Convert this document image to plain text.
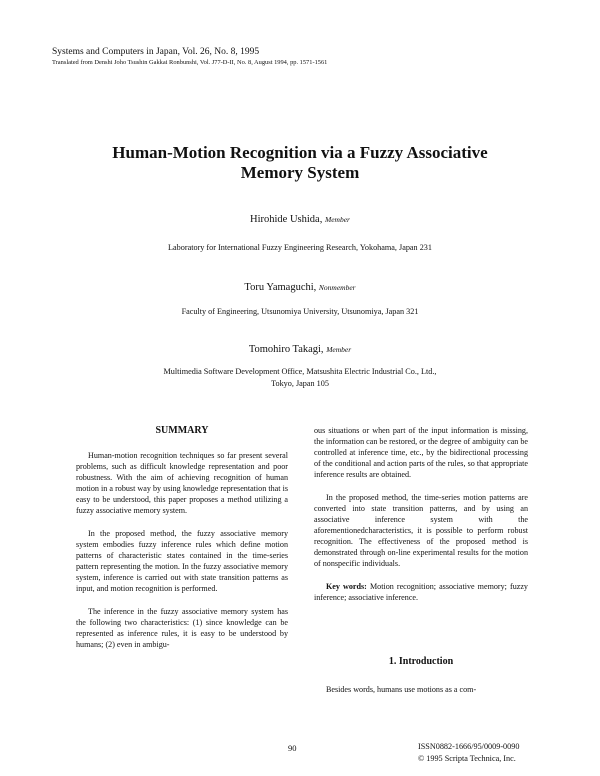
Systems and Computers in Japan, Vol. 26, No. 8, 1995
Translated from Denshi Joho Tsushin Gakkai Ronbunshi, Vol. J77-D-II, No. 8, August 1994, pp. 1571-1561
Human-Motion Recognition via a Fuzzy Associative
Memory System
Hirohide Ushida, Member
Laboratory for International Fuzzy Engineering Research, Yokohama, Japan 231
Toru Yamaguchi, Nonmember
Faculty of Engineering, Utsunomiya University, Utsunomiya, Japan 321
Tomohiro Takagi, Member
Multimedia Software Development Office, Matsushita Electric Industrial Co., Ltd.,
Tokyo, Japan 105
SUMMARY

Human-motion recognition techniques so far present several problems, such as difficult knowledge representation and poor robustness. With the aim of achieving recognition of human motion in a robust way by using knowledge representation that is easy to be understood, this paper proposes a method utilizing a fuzzy associative memory system.

In the proposed method, the fuzzy associative memory system embodies fuzzy inference rules which define motion patterns of characteristic states contained in the time-series pattern representing the motion. In the fuzzy associative memory system, inference is carried out with state transition patterns as input, and motion recognition is performed.

The inference in the fuzzy associative memory system has the following two characteristics: (1) since knowledge can be represented as inference rules, it is easy to be understood by humans; (2) even in ambigu-

ous situations or when part of the input information is missing, the information can be restored, or the degree of ambiguity can be controlled at inference time, etc., by the bidirectional processing of the conditional and action parts of the rules, so that appropriate inference results are obtained.

In the proposed method, the time-series motion patterns are converted into state transition patterns, and by using an associative inference system with the aforementionedcharacteristics, it is possible to perform robust recognition. The effectiveness of the proposed method is demonstrated through on-line experimental results for the motion of nonspecific individuals.

Key words: Motion recognition; associative memory; fuzzy inference; associative inference.

1. Introduction
Besides words, humans use motions as a com-
90	ISSN0882-1666/95/0009-0090
© 1995 Scripta Technica, Inc.
